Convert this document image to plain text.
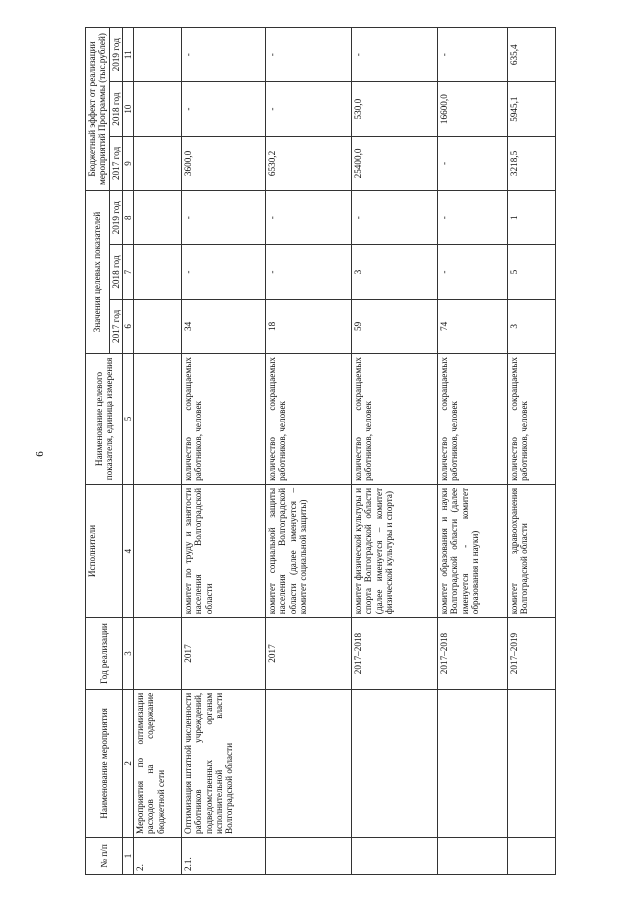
6
№ п/п	Наименование мероприятия	Год реализации	Исполнители	Наименование целевого показателя, единица измерения	Значения целевых показателей			Бюджетный эффект от реализации мероприятий Программы (тыс.рублей)		
					2017 год	2018 год	2019 год	2017 год	2018 год	2019 год
1	2	3	4	5	6	7	8	9	10	11
2.	Мероприятия по оптимизации расходов на содержание бюджетной сети									
2.1.	Оптимизация штатной численности работников учреждений, подведомственных органам исполнительной власти Волгоградской области	2017	комитет по труду и занятости населения Волгоградской области	количество сокращаемых работников, человек	34	-	-	3600,0	-	-
		2017	комитет социальной защиты населения Волгоградской области (далее именуется – комитет социальной защиты)	количество сокращаемых работников, человек	18	-	-	6530,2	-	-
		2017–2018	комитет физической культуры и спорта Волгоградской области (далее именуется – комитет физической культуры и спорта)	количество сокращаемых работников, человек	59	3	-	25400,0	530,0	-
		2017–2018	комитет образования и науки Волгоградской области (далее именуется - комитет образования и науки)	количество сокращаемых работников, человек	74	-	-	-	16600,0	-
		2017–2019	комитет здравоохранения Волгоградской области	количество сокращаемых работников, человек	3	5	1	3218,5	5945,1	635,4
